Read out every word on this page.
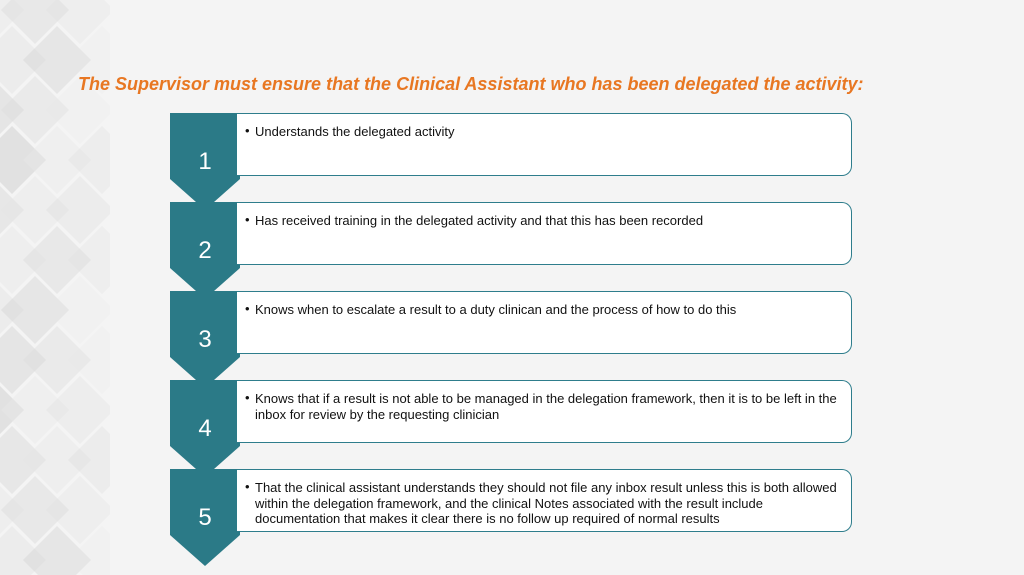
The Supervisor must ensure that the Clinical Assistant who has been delegated the activity:
1
• Understands the delegated activity
2
• Has received training in the delegated activity and that this has been recorded
3
• Knows when to escalate a result to a duty clinican and the process of how to do this
4
• Knows that if a result is not able to be managed in the delegation framework, then it is to be left in the inbox for review by the requesting clinician
5
• That the clinical assistant understands they should not file any inbox result unless this is both allowed within the delegation framework, and the clinical Notes associated with the result include documentation that makes it clear there is no follow up required of normal results
